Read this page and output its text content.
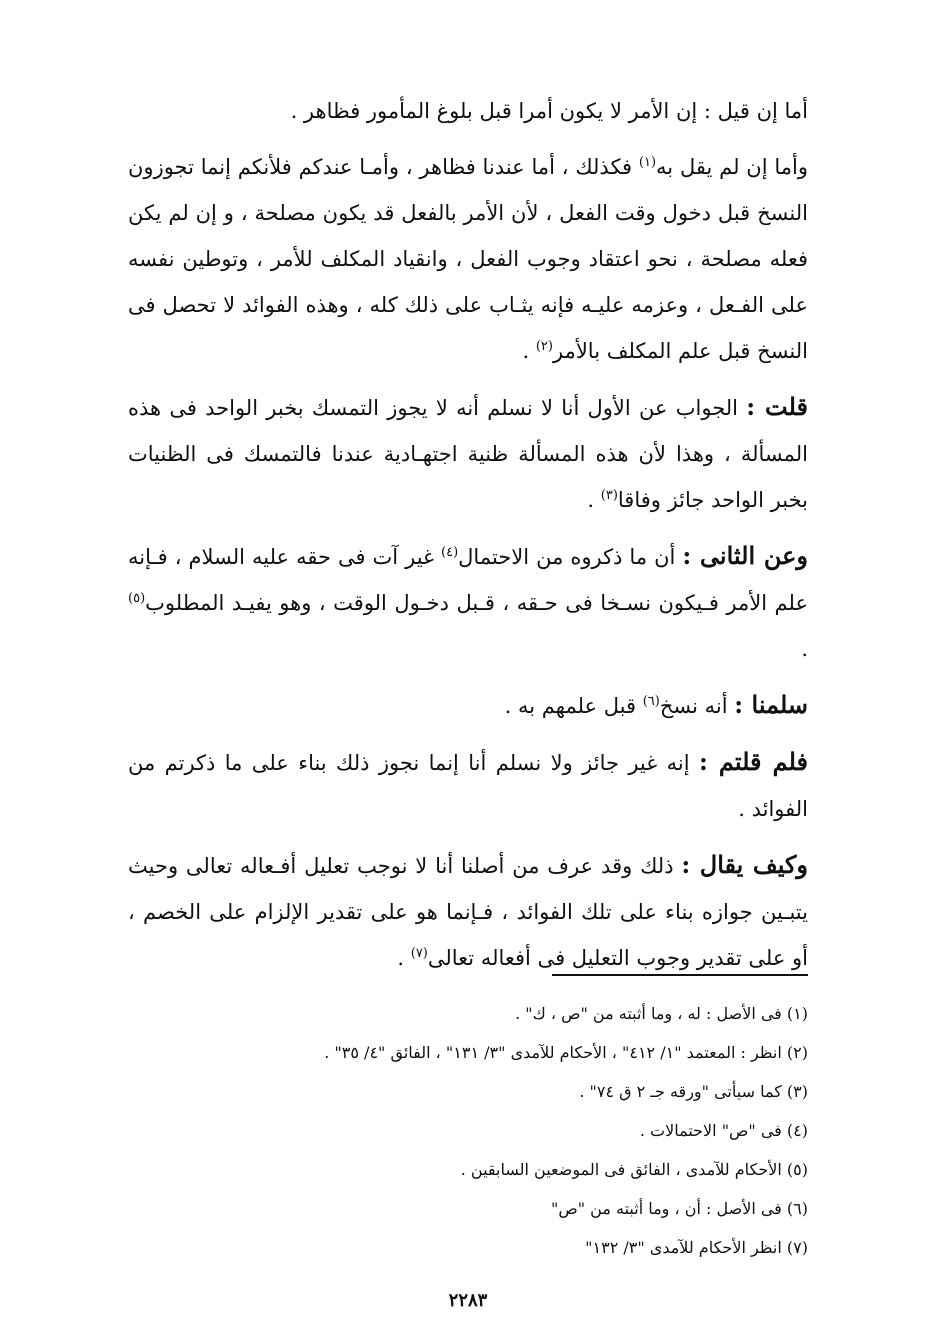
أما إن قيل : إن الأمر لا يكون أمرا قبل بلوغ المأمور فظاهر .

وأما إن لم يقل به$^{(١)}$ فكذلك ، أما عندنا فظاهر ، وأمـا عندكم فلأنكم إنما تجوزون النسخ قبل دخول وقت الفعل ، لأن الأمر بالفعل قد يكون مصلحة ، و إن لم يكن فعله مصلحة ، نحو اعتقاد وجوب الفعل ، وانقياد المكلف للأمر ، وتوطين نفسه على الفـعل ، وعزمه عليـه فإنه يثـاب على ذلك كله ، وهذه الفوائد لا تحصل فى النسخ قبل علم المكلف بالأمر$^{(٢)}$ .

قلت : الجواب عن الأول أنا لا نسلم أنه لا يجوز التمسك بخبر الواحد فى هذه المسألة ، وهذا لأن هذه المسألة ظنية اجتهـادية عندنا فالتمسك فى الظنيات بخبر الواحد جائز وفاقا$^{(٣)}$ .

وعن الثانى : أن ما ذكروه من الاحتمال$^{(٤)}$ غير آت فى حقه عليه السلام ، فـإنه علم الأمر فـيكون نسـخا فى حـقه ، قـبل دخـول الوقت ، وهو يفيـد المطلوب$^{(٥)}$ .

سلمنا : أنه نسخ$^{(٦)}$ قبل علمهم به .

فلم قلتم : إنه غير جائز ولا نسلم أنا إنما نجوز ذلك بناء على ما ذكرتم من الفوائد .

وكيف يقال : ذلك وقد عرف من أصلنا أنا لا نوجب تعليل أفـعاله تعالى وحيث يتبـين جوازه بناء على تلك الفوائد ، فـإنما هو على تقدير الإلزام على الخصم ، أو على تقدير وجوب التعليل فى أفعاله تعالى$^{(٧)}$ .

(١) فى الأصل : له ، وما أثبته من "ص ، ك" .
(٢) انظر : المعتمد "١/ ٤١٢" ، الأحكام للآمدى "٣/ ١٣١" ، الفائق "٤/ ٣٥" .
(٣) كما سيأتى "ورقه جـ ٢ ق ٧٤" .
(٤) فى "ص" الاحتمالات .
(٥) الأحكام للآمدى ، الفائق فى الموضعين السابقين .
(٦) فى الأصل : أن ، وما أثبته من "ص"
(٧) انظر الأحكام للآمدى "٣/ ١٣٢"
٢٢٨٣
